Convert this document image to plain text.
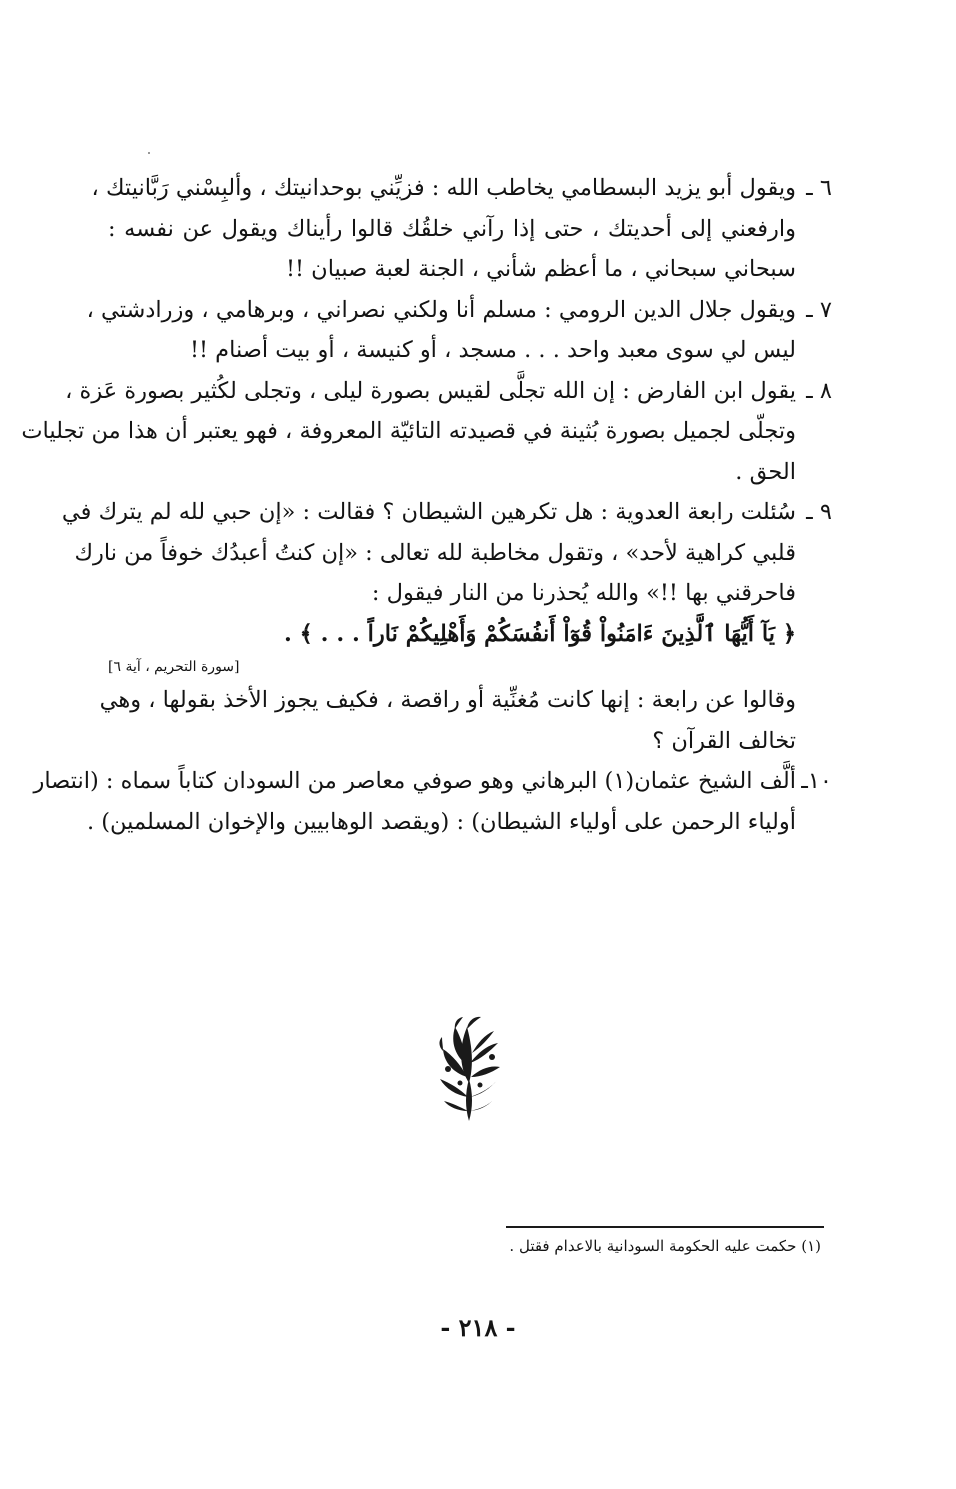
٦ ـ
ويقول أبو يزيد البسطامي يخاطب الله : فزيِّني بوحدانيتك ، وألبِسْني رَبَّانيتك ،
وارفعني إلى أحديتك ، حتى إذا رآني خلقُك قالوا رأيناك ويقول عن نفسه :
سبحاني سبحاني ، ما أعظم شأني ، الجنة لعبة صبيان !!
٧ ـ
ويقول جلال الدين الرومي : مسلم أنا ولكني نصراني ، وبرهامي ، وزرادشتي ،
ليس لي سوى معبد واحد . . . مسجد ، أو كنيسة ، أو بيت أصنام !!
٨ ـ
يقول ابن الفارض : إن الله تجلَّى لقيس بصورة ليلى ، وتجلى لكُثير بصورة عَزة ،
وتجلّى لجميل بصورة بُثينة في قصيدته التائيّة المعروفة ، فهو يعتبر أن هذا من تجليات
الحق .
٩ ـ
سُئلت رابعة العدوية : هل تكرهين الشيطان ؟ فقالت : «إن حبي لله لم يترك في
قلبي كراهية لأحد» ، وتقول مخاطبة لله تعالى : «إن كنتُ أعبدُك خوفاً من نارك
فاحرقني بها !!» والله يُحذرنا من النار فيقول :
﴿ يَآ أَيُّهَا ٱلَّذِينَ ءَامَنُواْ قُوٓاْ أَنفُسَكُمْ وَأَهْلِيكُمْ نَاراً . . . ﴾ .
[سورة التحريم ، آية ٦]
وقالوا عن رابعة : إنها كانت مُغنِّية أو راقصة ، فكيف يجوز الأخذ بقولها ، وهي
تخالف القرآن ؟
١٠ـ
ألَّف الشيخ عثمان(١) البرهاني وهو صوفي معاصر من السودان كتاباً سماه : (انتصار
أولياء الرحمن على أولياء الشيطان) : (ويقصد الوهابيين والإخوان المسلمين) .
(١) حكمت عليه الحكومة السودانية بالاعدام فقتل .
- ٢١٨ -
